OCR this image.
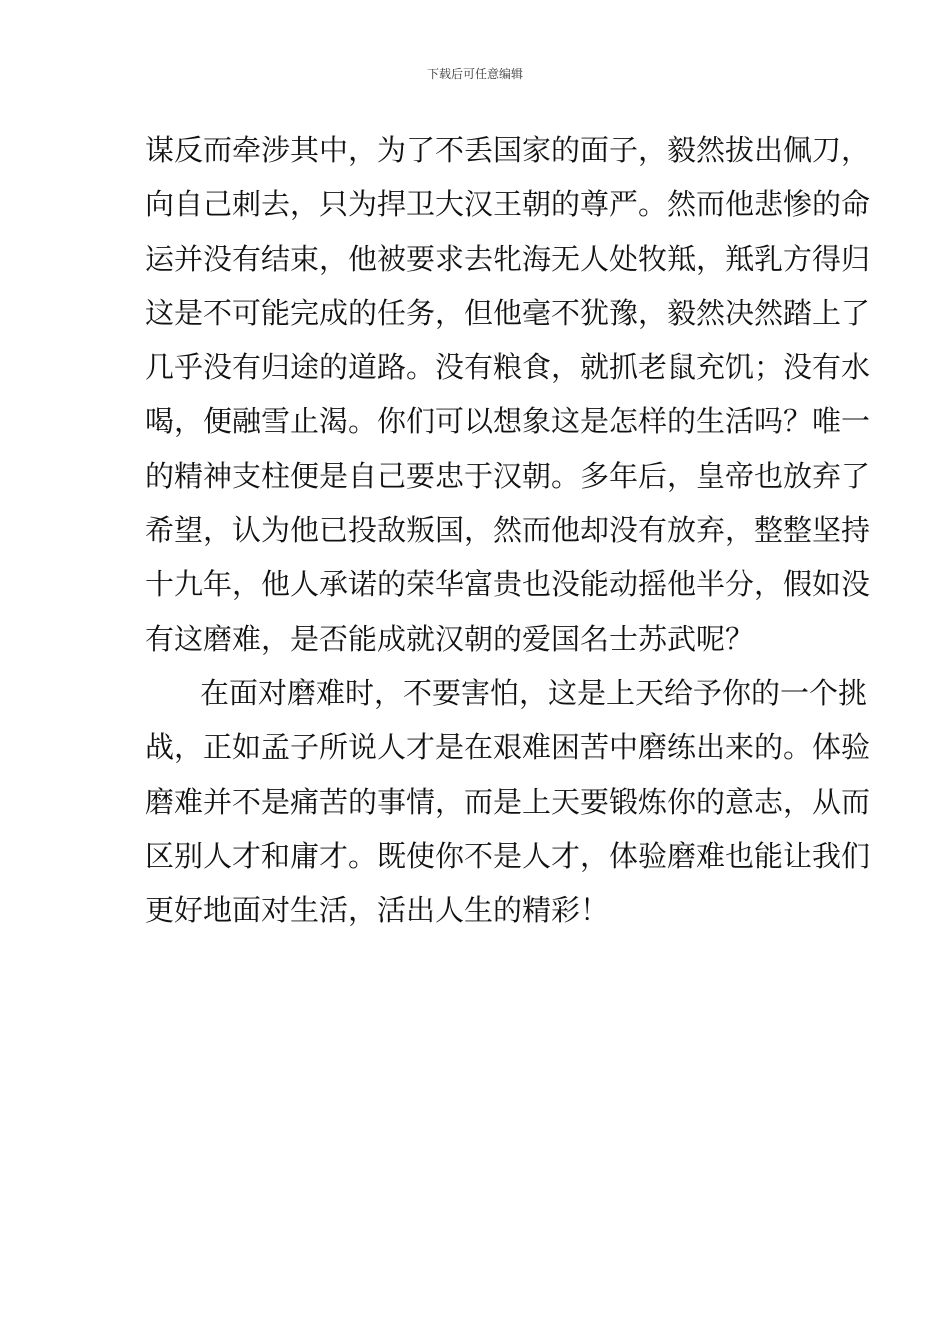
下载后可任意编辑
谋反而牵涉其中，为了不丢国家的面子，毅然拔出佩刀，
向自己刺去，只为捍卫大汉王朝的尊严。然而他悲惨的命
运并没有结束，他被要求去牝海无人处牧羝，羝乳方得归
这是不可能完成的任务，但他毫不犹豫，毅然决然踏上了
几乎没有归途的道路。没有粮食，就抓老鼠充饥；没有水
喝，便融雪止渴。你们可以想象这是怎样的生活吗？唯一
的精神支柱便是自己要忠于汉朝。多年后，皇帝也放弃了
希望，认为他已投敌叛国，然而他却没有放弃，整整坚持
十九年，他人承诺的荣华富贵也没能动摇他半分，假如没
有这磨难，是否能成就汉朝的爱国名士苏武呢？
在面对磨难时，不要害怕，这是上天给予你的一个挑
战，正如孟子所说人才是在艰难困苦中磨练出来的。体验
磨难并不是痛苦的事情，而是上天要锻炼你的意志，从而
区别人才和庸才。既使你不是人才，体验磨难也能让我们
更好地面对生活，活出人生的精彩！
